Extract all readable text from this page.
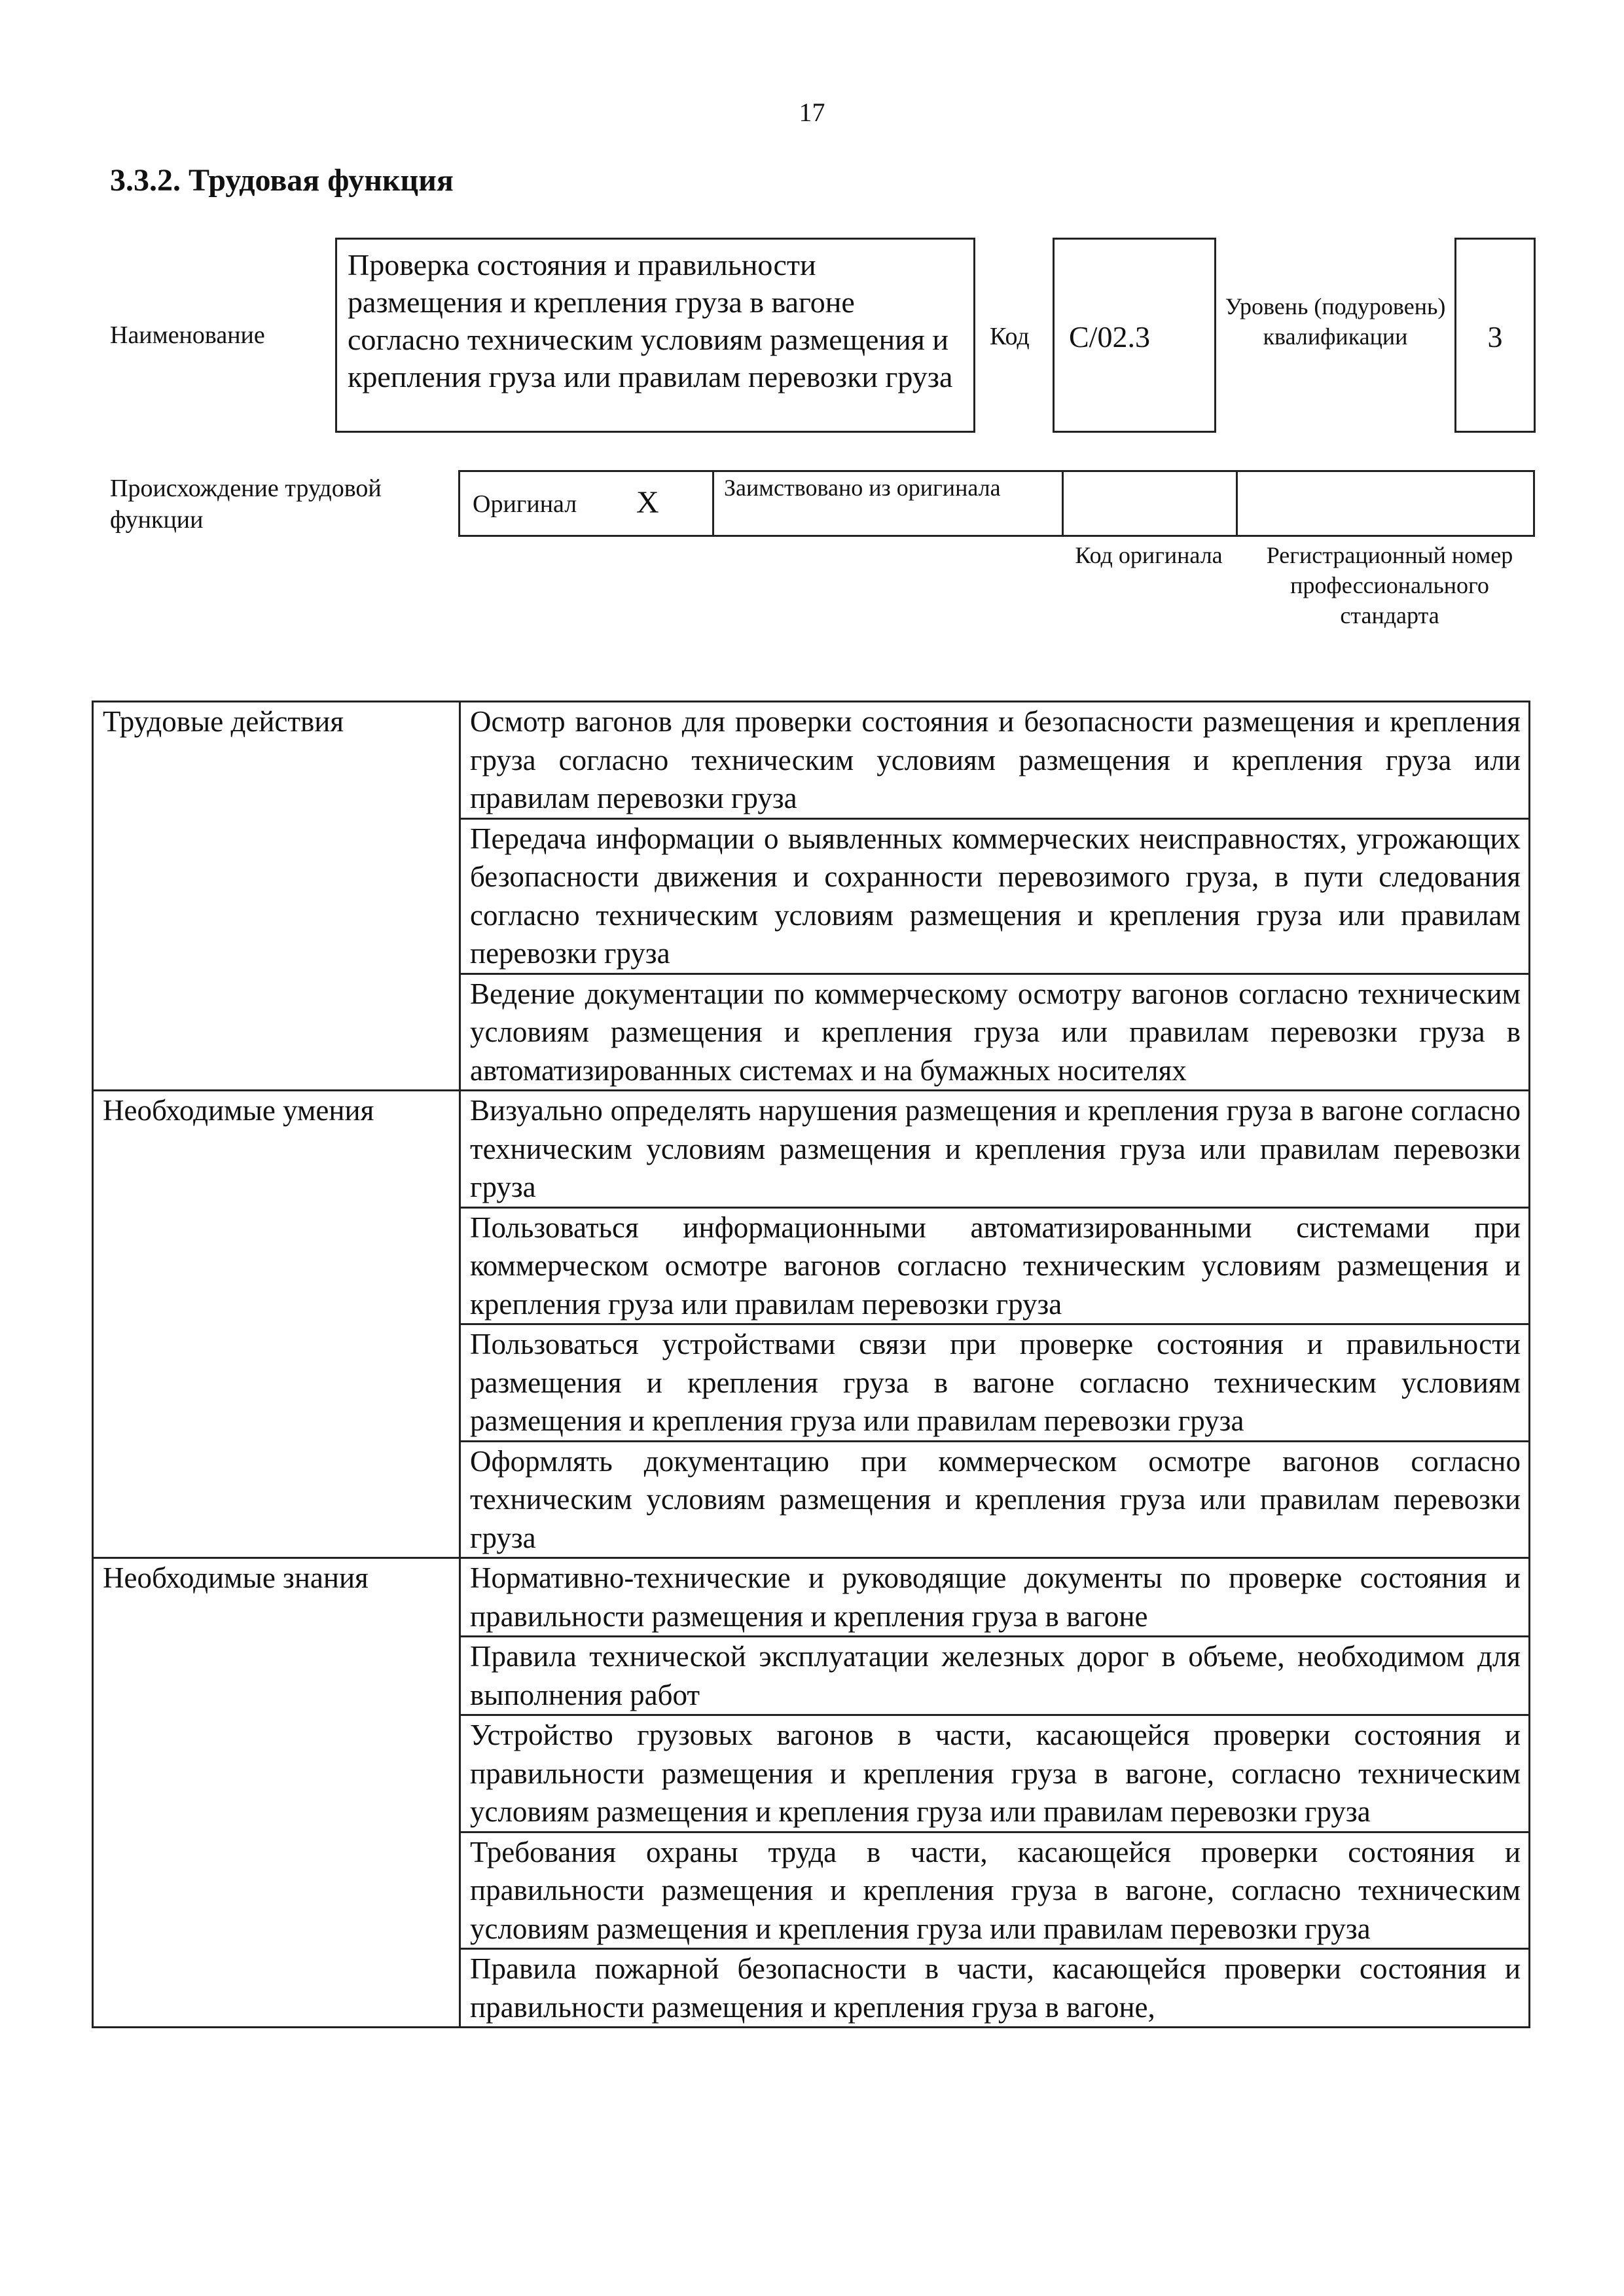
17
3.3.2. Трудовая функция
Наименование
Проверка состояния и правильности размещения и крепления груза в вагоне согласно техническим условиям размещения и крепления груза или правилам перевозки груза
Код	C/02.3
Уровень (подуровень) квалификации	3
Происхождение трудовой функции
Оригинал X	Заимствовано из оригинала
Код оригинала	Регистрационный номер профессионального стандарта
Трудовые действия	Осмотр вагонов для проверки состояния и безопасности размещения и крепления груза согласно техническим условиям размещения и крепления груза или правилам перевозки груза
	Передача информации о выявленных коммерческих неисправностях, угрожающих безопасности движения и сохранности перевозимого груза, в пути следования согласно техническим условиям размещения и крепления груза или правилам перевозки груза
	Ведение документации по коммерческому осмотру вагонов согласно техническим условиям размещения и крепления груза или правилам перевозки груза в автоматизированных системах и на бумажных носителях
Необходимые умения	Визуально определять нарушения размещения и крепления груза в вагоне согласно техническим условиям размещения и крепления груза или правилам перевозки груза
	Пользоваться информационными автоматизированными системами при коммерческом осмотре вагонов согласно техническим условиям размещения и крепления груза или правилам перевозки груза
	Пользоваться устройствами связи при проверке состояния и правильности размещения и крепления груза в вагоне согласно техническим условиям размещения и крепления груза или правилам перевозки груза
	Оформлять документацию при коммерческом осмотре вагонов согласно техническим условиям размещения и крепления груза или правилам перевозки груза
Необходимые знания	Нормативно-технические и руководящие документы по проверке состояния и правильности размещения и крепления груза в вагоне
	Правила технической эксплуатации железных дорог в объеме, необходимом для выполнения работ
	Устройство грузовых вагонов в части, касающейся проверки состояния и правильности размещения и крепления груза в вагоне, согласно техническим условиям размещения и крепления груза или правилам перевозки груза
	Требования охраны труда в части, касающейся проверки состояния и правильности размещения и крепления груза в вагоне, согласно техническим условиям размещения и крепления груза или правилам перевозки груза
	Правила пожарной безопасности в части, касающейся проверки состояния и правильности размещения и крепления груза в вагоне,
